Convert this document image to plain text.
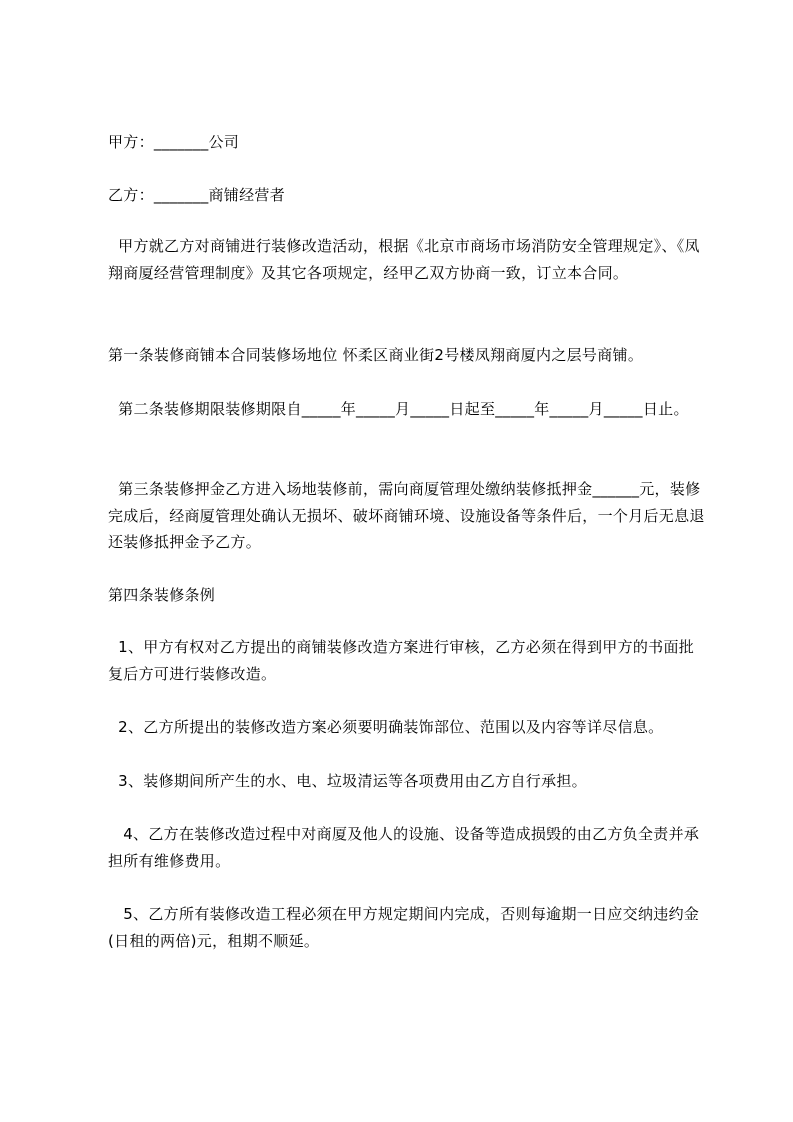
甲方：_______公司

乙方：_______商铺经营者

甲方就乙方对商铺进行装修改造活动，根据《北京市商场市场消防安全管理规定》、《凤翔商厦经营管理制度》及其它各项规定，经甲乙双方协商一致，订立本合同。

第一条装修商铺本合同装修场地位 怀柔区商业街2号楼凤翔商厦内之层号商铺。

第二条装修期限装修期限自_____年_____月_____日起至_____年_____月_____日止。

第三条装修押金乙方进入场地装修前，需向商厦管理处缴纳装修抵押金______元，装修完成后，经商厦管理处确认无损坏、破坏商铺环境、设施设备等条件后，一个月后无息退还装修抵押金予乙方。

第四条装修条例

1、甲方有权对乙方提出的商铺装修改造方案进行审核，乙方必须在得到甲方的书面批复后方可进行装修改造。

2、乙方所提出的装修改造方案必须要明确装饰部位、范围以及内容等详尽信息。

3、装修期间所产生的水、电、垃圾清运等各项费用由乙方自行承担。

4、乙方在装修改造过程中对商厦及他人的设施、设备等造成损毁的由乙方负全责并承担所有维修费用。

5、乙方所有装修改造工程必须在甲方规定期间内完成，否则每逾期一日应交纳违约金(日租的两倍)元，租期不顺延。
